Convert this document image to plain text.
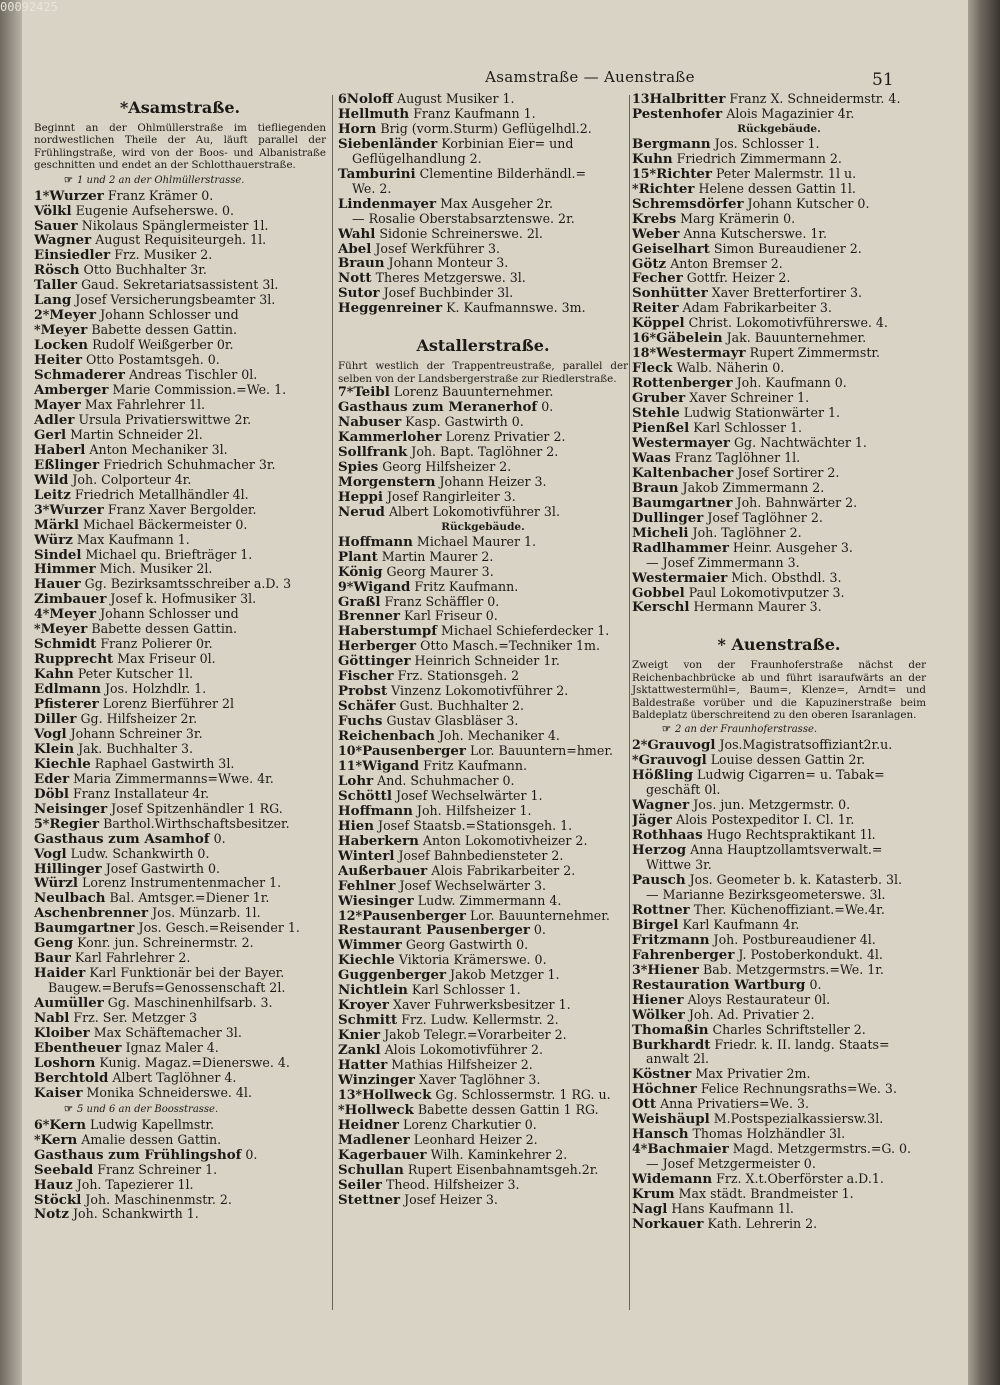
00092425
Asamstraße — Auenstraße	51
*Asamstraße.
Beginnt an der Ohlmüllerstraße im tiefliegenden nordwestlichen Theile der Au, läuft parallel der Frühlingstraße, wird von der Boos- und Albanistraße geschnitten und endet an der Schlotthauerstraße.
☞ 1 und 2 an der Ohlmüllerstrasse.
1*Wurzer Franz Krämer 0.
Völkl Eugenie Aufseherswe. 0.
Sauer Nikolaus Spänglermeister 1l.
Wagner August Requisiteurgeh. 1l.
Einsiedler Frz. Musiker 2.
Rösch Otto Buchhalter 3r.
Taller Gaud. Sekretariatsassistent 3l.
Lang Josef Versicherungsbeamter 3l.
2*Meyer Johann Schlosser und
*Meyer Babette dessen Gattin.
Locken Rudolf Weißgerber 0r.
Heiter Otto Postamtsgeh. 0.
Schmaderer Andreas Tischler 0l.
Amberger Marie Commission.=We. 1.
Mayer Max Fahrlehrer 1l.
Adler Ursula Privatierswittwe 2r.
Gerl Martin Schneider 2l.
Haberl Anton Mechaniker 3l.
Eßlinger Friedrich Schuhmacher 3r.
Wild Joh. Colporteur 4r.
Leitz Friedrich Metallhändler 4l.
3*Wurzer Franz Xaver Bergolder.
Märkl Michael Bäckermeister 0.
Würz Max Kaufmann 1.
Sindel Michael qu. Briefträger 1.
Himmer Mich. Musiker 2l.
Hauer Gg. Bezirksamtsschreiber a.D. 3
Zimbauer Josef k. Hofmusiker 3l.
4*Meyer Johann Schlosser und
*Meyer Babette dessen Gattin.
Schmidt Franz Polierer 0r.
Rupprecht Max Friseur 0l.
Kahn Peter Kutscher 1l.
Edlmann Jos. Holzhdlr. 1.
Pfisterer Lorenz Bierführer 2l
Diller Gg. Hilfsheizer 2r.
Vogl Johann Schreiner 3r.
Klein Jak. Buchhalter 3.
Kiechle Raphael Gastwirth 3l.
Eder Maria Zimmermanns=Wwe. 4r.
Döbl Franz Installateur 4r.
Neisinger Josef Spitzenhändler 1 RG.
5*Regier Barthol.Wirthschaftsbesitzer.
Gasthaus zum Asamhof 0.
Vogl Ludw. Schankwirth 0.
Hillinger Josef Gastwirth 0.
Würzl Lorenz Instrumentenmacher 1.
Neulbach Bal. Amtsger.=Diener 1r.
Aschenbrenner Jos. Münzarb. 1l.
Baumgartner Jos. Gesch.=Reisender 1.
Geng Konr. jun. Schreinermstr. 2.
Baur Karl Fahrlehrer 2.
Haider Karl Funktionär bei der Bayer.
Baugew.=Berufs=Genossenschaft 2l.
Aumüller Gg. Maschinenhilfsarb. 3.
Nabl Frz. Ser. Metzger 3
Kloiber Max Schäftemacher 3l.
Ebentheuer Ignaz Maler 4.
Loshorn Kunig. Magaz.=Dienerswe. 4.
Berchtold Albert Taglöhner 4.
Kaiser Monika Schneiderswe. 4l.
☞ 5 und 6 an der Boosstrasse.
6*Kern Ludwig Kapellmstr.
*Kern Amalie dessen Gattin.
Gasthaus zum Frühlingshof 0.
Seebald Franz Schreiner 1.
Hauz Joh. Tapezierer 1l.
Stöckl Joh. Maschinenmstr. 2.
Notz Joh. Schankwirth 1.
6Noloff August Musiker 1.
Hellmuth Franz Kaufmann 1.
Horn Brig (vorm.Sturm) Geflügelhdl.2.
Siebenländer Korbinian Eier= und
Geflügelhandlung 2.
Tamburini Clementine Bilderhändl.=
We. 2.
Lindenmayer Max Ausgeher 2r.
— Rosalie Oberstabsarztenswe. 2r.
Wahl Sidonie Schreinerswe. 2l.
Abel Josef Werkführer 3.
Braun Johann Monteur 3.
Nott Theres Metzgerswe. 3l.
Sutor Josef Buchbinder 3l.
Heggenreiner K. Kaufmannswe. 3m.
Astallerstraße.
Führt westlich der Trappentreustraße, parallel der selben von der Landsbergerstraße zur Riedlerstraße.
7*Teibl Lorenz Bauunternehmer.
Gasthaus zum Meranerhof 0.
Nabuser Kasp. Gastwirth 0.
Kammerloher Lorenz Privatier 2.
Sollfrank Joh. Bapt. Taglöhner 2.
Spies Georg Hilfsheizer 2.
Morgenstern Johann Heizer 3.
Heppi Josef Rangirleiter 3.
Nerud Albert Lokomotivführer 3l.
Rückgebäude.
Hoffmann Michael Maurer 1.
Plant Martin Maurer 2.
König Georg Maurer 3.
9*Wigand Fritz Kaufmann.
Graßl Franz Schäffler 0.
Brenner Karl Friseur 0.
Haberstumpf Michael Schieferdecker 1.
Herberger Otto Masch.=Techniker 1m.
Göttinger Heinrich Schneider 1r.
Fischer Frz. Stationsgeh. 2
Probst Vinzenz Lokomotivführer 2.
Schäfer Gust. Buchhalter 2.
Fuchs Gustav Glasbläser 3.
Reichenbach Joh. Mechaniker 4.
10*Pausenberger Lor. Bauuntern=hmer.
11*Wigand Fritz Kaufmann.
Lohr And. Schuhmacher 0.
Schöttl Josef Wechselwärter 1.
Hoffmann Joh. Hilfsheizer 1.
Hien Josef Staatsb.=Stationsgeh. 1.
Haberkern Anton Lokomotivheizer 2.
Winterl Josef Bahnbediensteter 2.
Außerbauer Alois Fabrikarbeiter 2.
Fehlner Josef Wechselwärter 3.
Wiesinger Ludw. Zimmermann 4.
12*Pausenberger Lor. Bauunternehmer.
Restaurant Pausenberger 0.
Wimmer Georg Gastwirth 0.
Kiechle Viktoria Krämerswe. 0.
Guggenberger Jakob Metzger 1.
Nichtlein Karl Schlosser 1.
Kroyer Xaver Fuhrwerksbesitzer 1.
Schmitt Frz. Ludw. Kellermstr. 2.
Knier Jakob Telegr.=Vorarbeiter 2.
Zankl Alois Lokomotivführer 2.
Hatter Mathias Hilfsheizer 2.
Winzinger Xaver Taglöhner 3.
13*Hollweck Gg. Schlossermstr. 1 RG. u.
*Hollweck Babette dessen Gattin 1 RG.
Heidner Lorenz Charkutier 0.
Madlener Leonhard Heizer 2.
Kagerbauer Wilh. Kaminkehrer 2.
Schullan Rupert Eisenbahnamtsgeh.2r.
Seiler Theod. Hilfsheizer 3.
Stettner Josef Heizer 3.
13Halbritter Franz X. Schneidermstr. 4.
Pestenhofer Alois Magazinier 4r.
Rückgebäude.
Bergmann Jos. Schlosser 1.
Kuhn Friedrich Zimmermann 2.
15*Richter Peter Malermstr. 1l u.
*Richter Helene dessen Gattin 1l.
Schremsdörfer Johann Kutscher 0.
Krebs Marg Krämerin 0.
Weber Anna Kutscherswe. 1r.
Geiselhart Simon Bureaudiener 2.
Götz Anton Bremser 2.
Fecher Gottfr. Heizer 2.
Sonhütter Xaver Bretterfortirer 3.
Reiter Adam Fabrikarbeiter 3.
Köppel Christ. Lokomotivführerswe. 4.
16*Gäbelein Jak. Bauunternehmer.
18*Westermayr Rupert Zimmermstr.
Fleck Walb. Näherin 0.
Rottenberger Joh. Kaufmann 0.
Gruber Xaver Schreiner 1.
Stehle Ludwig Stationwärter 1.
Pienßel Karl Schlosser 1.
Westermayer Gg. Nachtwächter 1.
Waas Franz Taglöhner 1l.
Kaltenbacher Josef Sortirer 2.
Braun Jakob Zimmermann 2.
Baumgartner Joh. Bahnwärter 2.
Dullinger Josef Taglöhner 2.
Micheli Joh. Taglöhner 2.
Radlhammer Heinr. Ausgeher 3.
— Josef Zimmermann 3.
Westermaier Mich. Obsthdl. 3.
Gobbel Paul Lokomotivputzer 3.
Kerschl Hermann Maurer 3.
* Auenstraße.
Zweigt von der Fraunhoferstraße nächst der Reichenbachbrücke ab und führt isaraufwärts an der Jsktattwestermühl=, Baum=, Klenze=, Arndt= und Baldestraße vorüber und die Kapuzinerstraße beim Baldeplatz überschreitend zu den oberen Isaranlagen.
☞ 2 an der Fraunhoferstrasse.
2*Grauvogl Jos.Magistratsoffiziant2r.u.
*Grauvogl Louise dessen Gattin 2r.
Hößling Ludwig Cigarren= u. Tabak=
geschäft 0l.
Wagner Jos. jun. Metzgermstr. 0.
Jäger Alois Postexpeditor I. Cl. 1r.
Rothhaas Hugo Rechtspraktikant 1l.
Herzog Anna Hauptzollamtsverwalt.=
Wittwe 3r.
Pausch Jos. Geometer b. k. Katasterb. 3l.
— Marianne Bezirksgeometerswe. 3l.
Rottner Ther. Küchenoffiziant.=We.4r.
Birgel Karl Kaufmann 4r.
Fritzmann Joh. Postbureaudiener 4l.
Fahrenberger J. Postoberkondukt. 4l.
3*Hiener Bab. Metzgermstrs.=We. 1r.
Restauration Wartburg 0.
Hiener Aloys Restaurateur 0l.
Wölker Joh. Ad. Privatier 2.
Thomaßin Charles Schriftsteller 2.
Burkhardt Friedr. k. II. landg. Staats=
anwalt 2l.
Köstner Max Privatier 2m.
Höchner Felice Rechnungsraths=We. 3.
Ott Anna Privatiers=We. 3.
Weishäupl M.Postspezialkassiersw.3l.
Hansch Thomas Holzhändler 3l.
4*Bachmaier Magd. Metzgermstrs.=G. 0.
— Josef Metzgermeister 0.
Widemann Frz. X.t.Oberförster a.D.1.
Krum Max städt. Brandmeister 1.
Nagl Hans Kaufmann 1l.
Norkauer Kath. Lehrerin 2.
